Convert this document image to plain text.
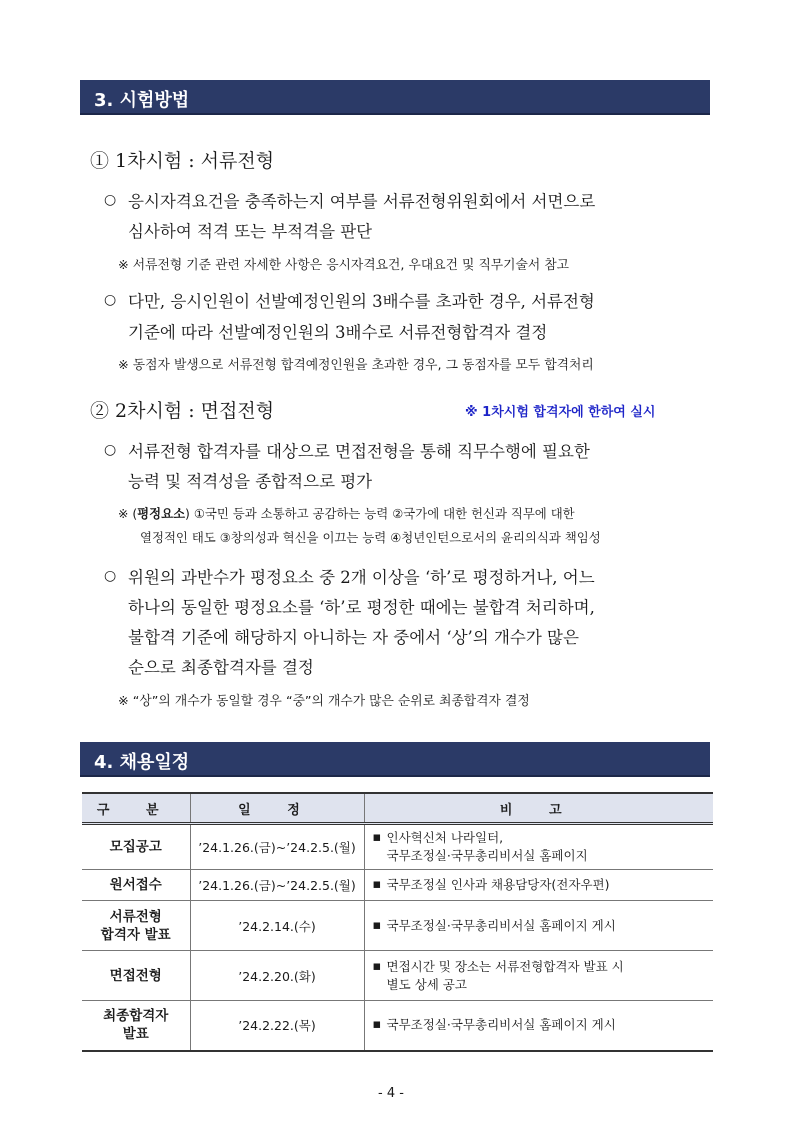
3. 시험방법
① 1차시험 : 서류전형
○ 응시자격요건을 충족하는지 여부를 서류전형위원회에서 서면으로
심사하여 적격 또는 부적격을 판단
※ 서류전형 기준 관련 자세한 사항은 응시자격요건, 우대요건 및 직무기술서 참고
○ 다만, 응시인원이 선발예정인원의 3배수를 초과한 경우, 서류전형
기준에 따라 선발예정인원의 3배수로 서류전형합격자 결정
※ 동점자 발생으로 서류전형 합격예정인원을 초과한 경우, 그 동점자를 모두 합격처리
② 2차시험 : 면접전형	※ 1차시험 합격자에 한하여 실시
○ 서류전형 합격자를 대상으로 면접전형을 통해 직무수행에 필요한
능력 및 적격성을 종합적으로 평가
※ (평정요소) ①국민 등과 소통하고 공감하는 능력 ②국가에 대한 헌신과 직무에 대한
열정적인 태도 ③창의성과 혁신을 이끄는 능력 ④청년인턴으로서의 윤리의식과 책임성
○ 위원의 과반수가 평정요소 중 2개 이상을 ‘하’로 평정하거나, 어느
하나의 동일한 평정요소를 ‘하’로 평정한 때에는 불합격 처리하며,
불합격 기준에 해당하지 아니하는 자 중에서 ‘상’의 개수가 많은
순으로 최종합격자를 결정
※ “상”의 개수가 동일할 경우 “중”의 개수가 많은 순위로 최종합격자 결정
4. 채용일정
구 분	일 정	비 고
모집공고	’24.1.26.(금)~’24.2.5.(월)	▪ 인사혁신처 나라일터,
국무조정실·국무총리비서실 홈페이지

원서접수	’24.1.26.(금)~’24.2.5.(월)	▪ 국무조정실 인사과 채용담당자(전자우편)

서류전형
합격자 발표	’24.2.14.(수)	▪ 국무조정실·국무총리비서실 홈페이지 게시

면접전형	’24.2.20.(화)	▪ 면접시간 및 장소는 서류전형합격자 발표 시
별도 상세 공고

최종합격자
발표	’24.2.22.(목)	▪ 국무조정실·국무총리비서실 홈페이지 게시
- 4 -
